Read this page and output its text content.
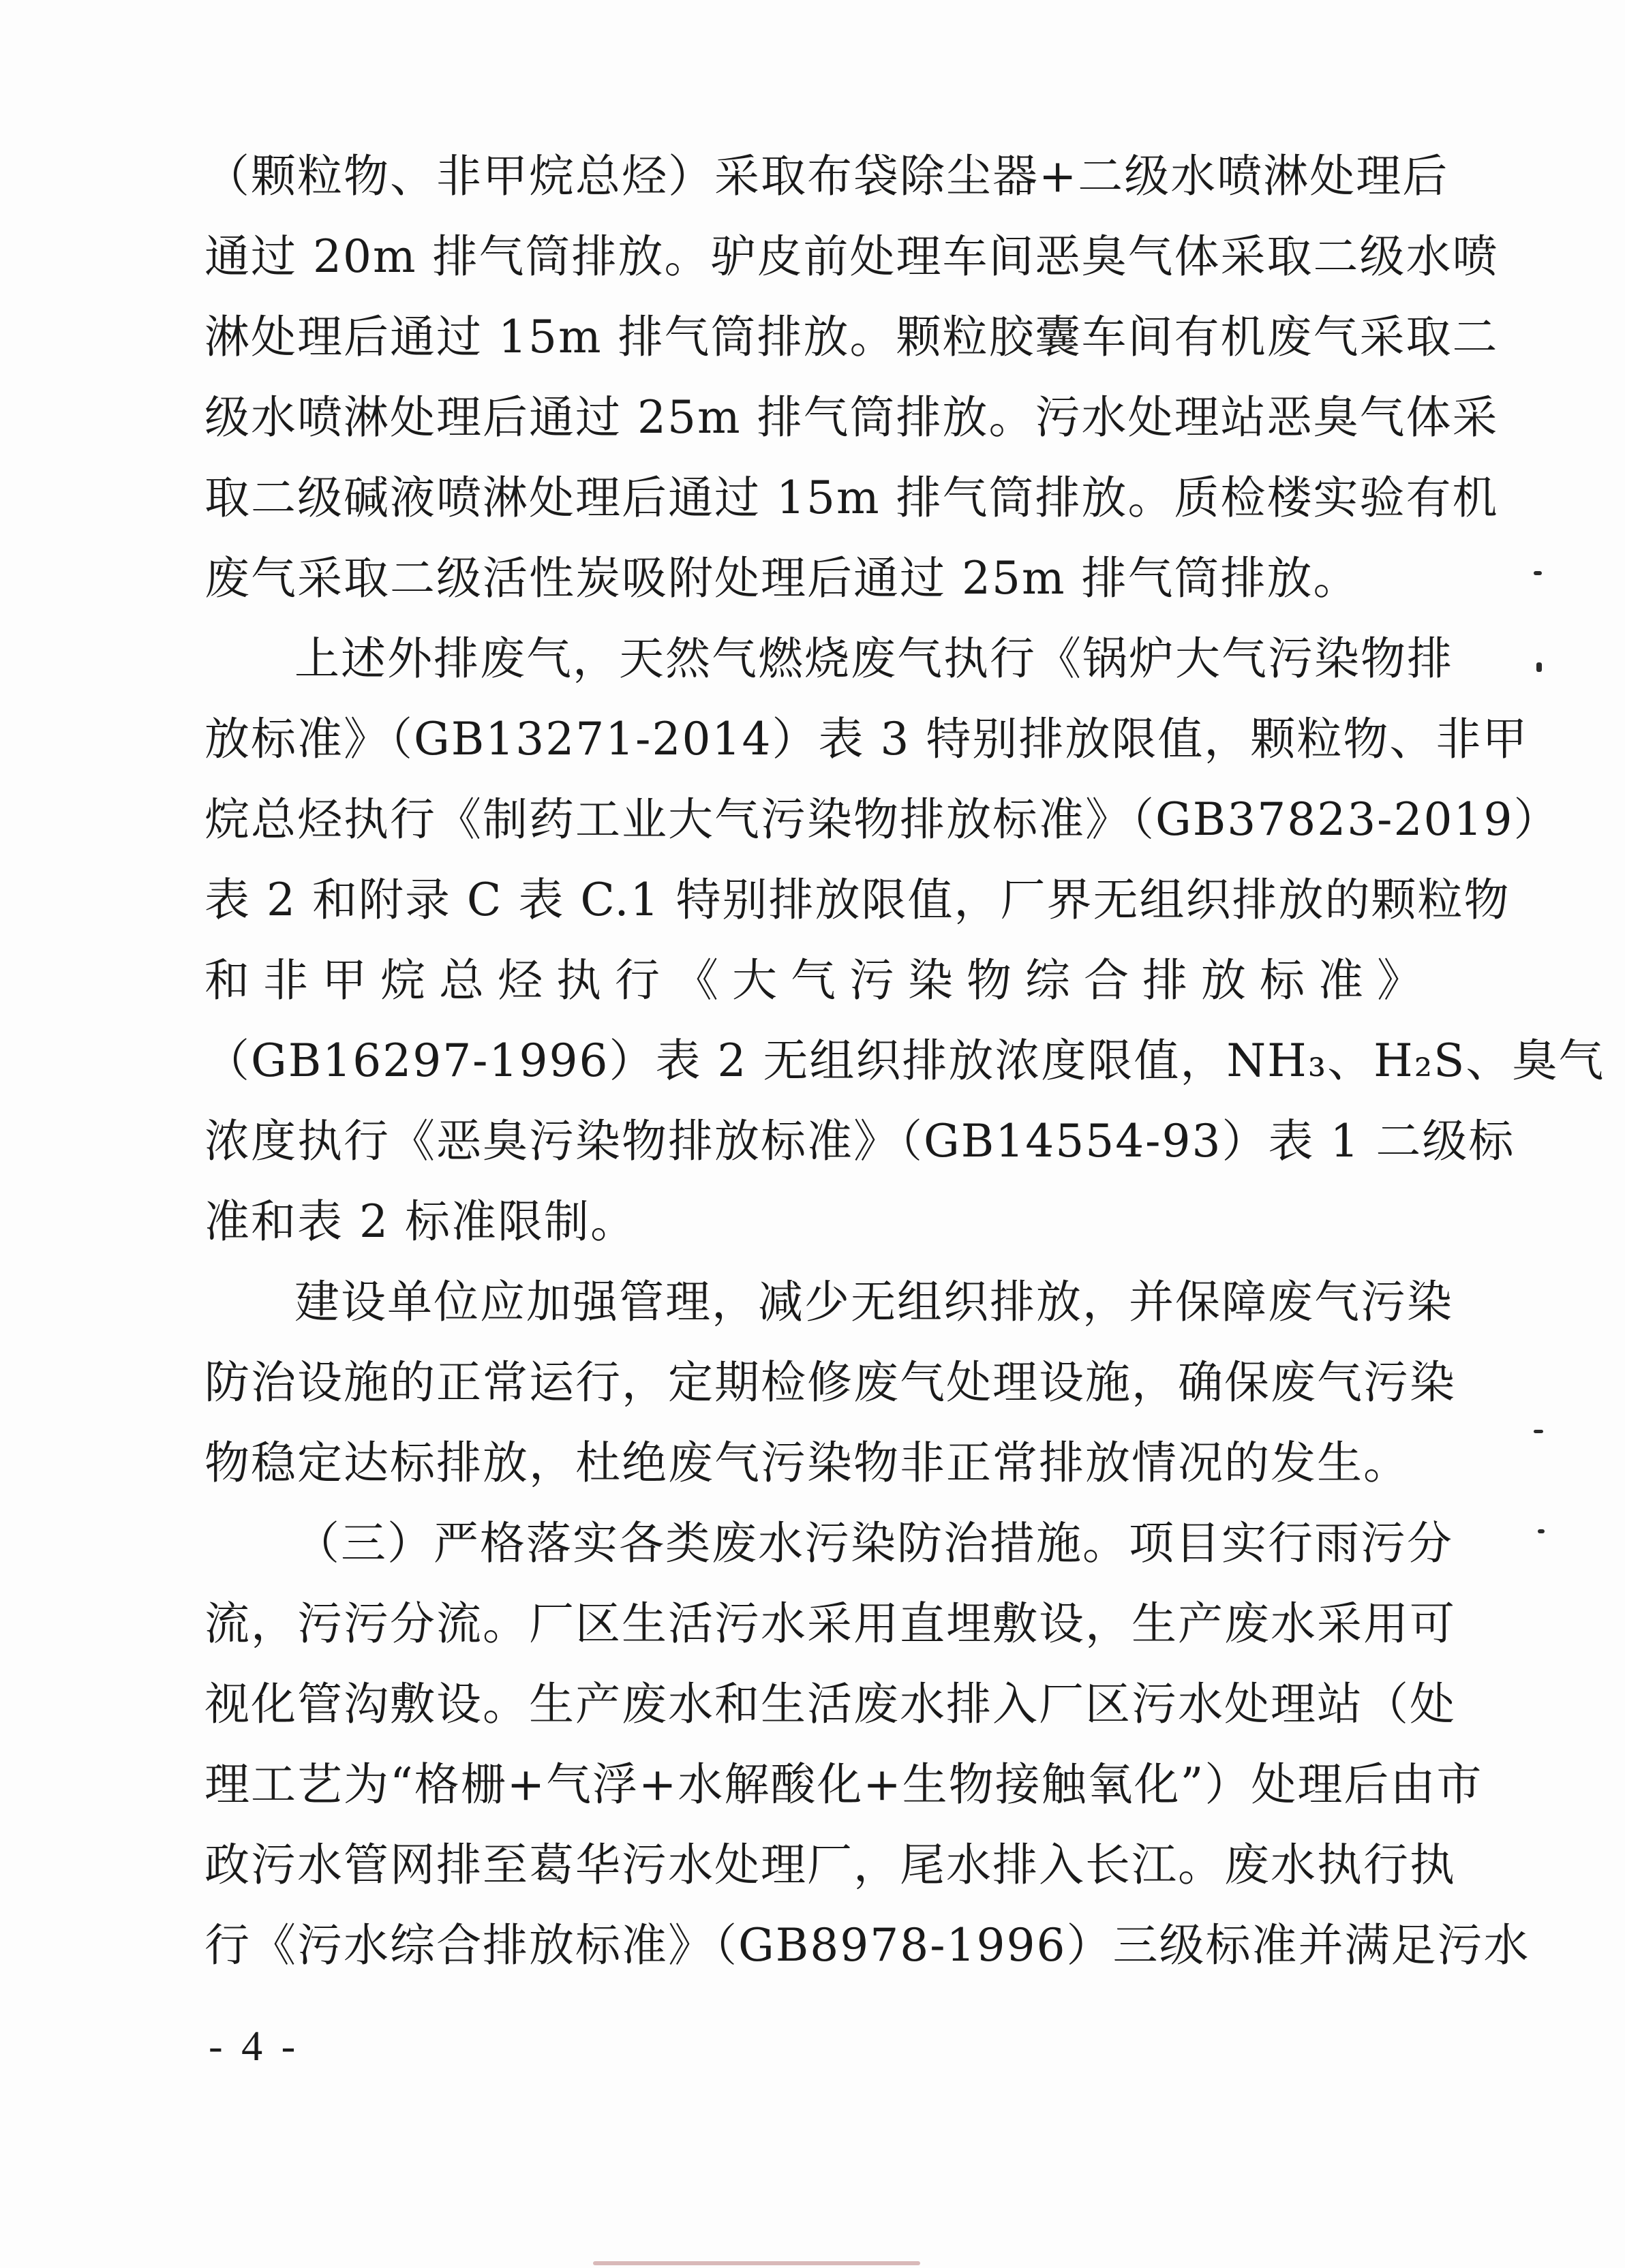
（颗粒物、非甲烷总烃）采取布袋除尘器+二级水喷淋处理后
通过 20m 排气筒排放。驴皮前处理车间恶臭气体采取二级水喷
淋处理后通过 15m 排气筒排放。颗粒胶囊车间有机废气采取二
级水喷淋处理后通过 25m 排气筒排放。污水处理站恶臭气体采
取二级碱液喷淋处理后通过 15m 排气筒排放。质检楼实验有机
废气采取二级活性炭吸附处理后通过 25m 排气筒排放。
上述外排废气，天然气燃烧废气执行《锅炉大气污染物排
放标准》（GB13271-2014）表 3 特别排放限值，颗粒物、非甲
烷总烃执行《制药工业大气污染物排放标准》（GB37823-2019）
表 2 和附录 C 表 C.1 特别排放限值，厂界无组织排放的颗粒物
和非甲烷总烃执行《大气污染物综合排放标准》
（GB16297-1996）表 2 无组织排放浓度限值，NH₃、H₂S、臭气
浓度执行《恶臭污染物排放标准》（GB14554-93）表 1 二级标
准和表 2 标准限制。
建设单位应加强管理，减少无组织排放，并保障废气污染
防治设施的正常运行，定期检修废气处理设施，确保废气污染
物稳定达标排放，杜绝废气污染物非正常排放情况的发生。
（三）严格落实各类废水污染防治措施。项目实行雨污分
流，污污分流。厂区生活污水采用直埋敷设，生产废水采用可
视化管沟敷设。生产废水和生活废水排入厂区污水处理站（处
理工艺为“格栅+气浮+水解酸化+生物接触氧化”）处理后由市
政污水管网排至葛华污水处理厂，尾水排入长江。废水执行执
行《污水综合排放标准》（GB8978-1996）三级标准并满足污水
- 4 -
